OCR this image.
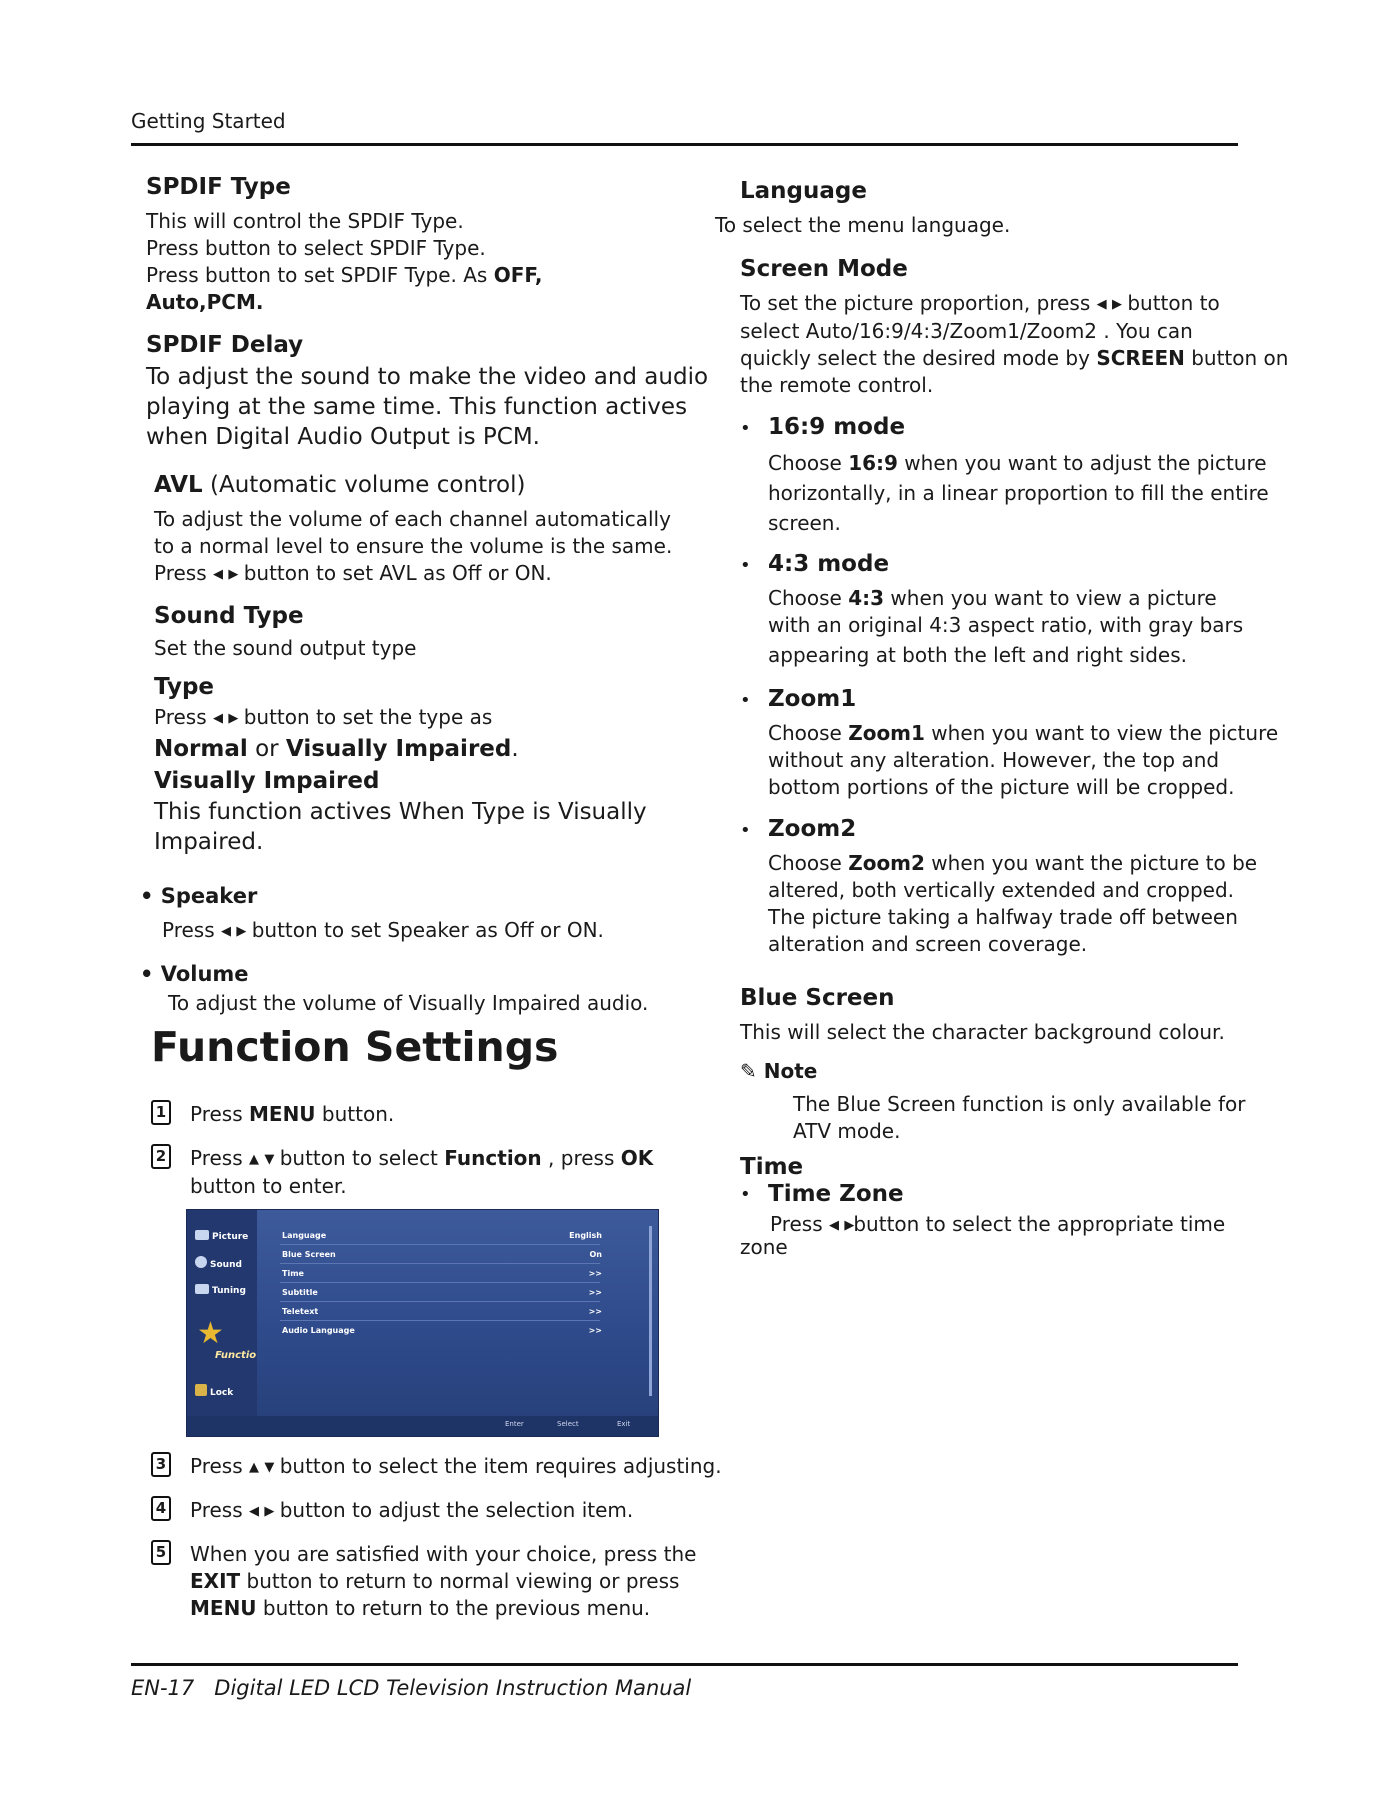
Getting Started

SPDIF Type

This will control the SPDIF Type.

Press button to select SPDIF Type.

Press button to set SPDIF Type. As OFF,

Auto,PCM.

SPDIF Delay

To adjust the sound to make the video and audio

playing at the same time. This function actives

when Digital Audio Output is PCM.

AVL (Automatic volume control)

To adjust the volume of each channel automatically

to a normal level to ensure the volume is the same.

Press ◀ ▶ button to set AVL as Off or ON.

Sound Type

Set the sound output type

Type

Press ◀ ▶ button to set the type as

Normal or Visually Impaired.

Visually Impaired

This function actives When Type is Visually

Impaired.

• Speaker

Press ◀ ▶ button to set Speaker as Off or ON.

• Volume

To adjust the volume of Visually Impaired audio.

Function Settings
1 Press MENU button.
2 Press ▲ ▼ button to select Function , press OK

button to enter.

Picture
Sound
Tuning
★
Functio
Lock
Language	English
Blue Screen	On
Time	>>
Subtitle	>>
Teletext	>>
Audio Language	>>
Enter	Select	Exit
3 Press ▲ ▼ button to select the item requires adjusting.
4 Press ◀ ▶ button to adjust the selection item.
5 When you are satisfied with your choice, press the

EXIT button to return to normal viewing or press

MENU button to return to the previous menu.

Language

To select the menu language.

Screen Mode

To set the picture proportion, press ◀ ▶ button to

select Auto/16:9/4:3/Zoom1/Zoom2 . You can

quickly select the desired mode by SCREEN button on

the remote control.

• 16:9 mode

Choose 16:9 when you want to adjust the picture

horizontally, in a linear proportion to fill the entire

screen.

• 4:3 mode

Choose 4:3 when you want to view a picture

with an original 4:3 aspect ratio, with gray bars

appearing at both the left and right sides.

• Zoom1

Choose Zoom1 when you want to view the picture

without any alteration. However, the top and

bottom portions of the picture will be cropped.

• Zoom2

Choose Zoom2 when you want the picture to be

altered, both vertically extended and cropped.

The picture taking a halfway trade off between

alteration and screen coverage.

Blue Screen

This will select the character background colour.

✎ Note

The Blue Screen function is only available for

ATV mode.

Time

• Time Zone

Press ◀ ▶button to select the appropriate time

zone

EN-17   Digital LED LCD Television Instruction Manual
